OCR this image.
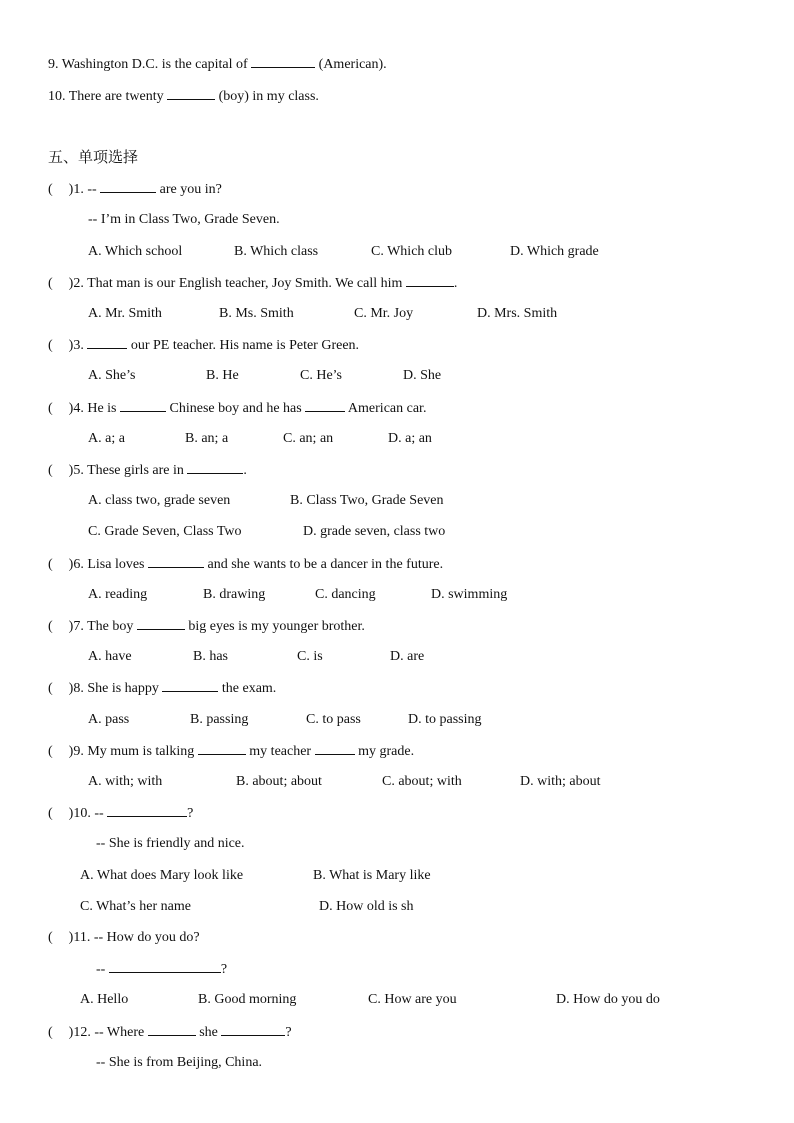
9. Washington D.C. is the capital of	(American).
10. There are twenty	(boy) in my class.
五、单项选择
( )1. --	are you in?
-- I’m in Class Two, Grade Seven.
A. Which school	B. Which class	C. Which club	D. Which grade
( )2. That man is our English teacher, Joy Smith. We call him	.
A. Mr. Smith	B. Ms. Smith	C. Mr. Joy	D. Mrs. Smith
( )3.	our PE teacher. His name is Peter Green.
A. She’s	B. He	C. He’s	D. She
( )4. He is	Chinese boy and he has	American car.
A. a; a	B. an; a	C. an; an	D. a; an
( )5. These girls are in	.
A. class two, grade seven	B. Class Two, Grade Seven
C. Grade Seven, Class Two	D. grade seven, class two
( )6. Lisa loves	and she wants to be a dancer in the future.
A. reading	B. drawing	C. dancing	D. swimming
( )7. The boy	big eyes is my younger brother.
A. have	B. has	C. is	D. are
( )8. She is happy	the exam.
A. pass	B. passing	C. to pass	D. to passing
( )9. My mum is talking	my teacher	my grade.
A. with; with	B. about; about	C. about; with	D. with; about
( )10. --	?
-- She is friendly and nice.
A. What does Mary look like	B. What is Mary like
C. What’s her name	D. How old is sh
( )11. -- How do you do?
--	?
A. Hello	B. Good morning	C. How are you	D. How do you do
( )12. -- Where	she	?
-- She is from Beijing, China.
